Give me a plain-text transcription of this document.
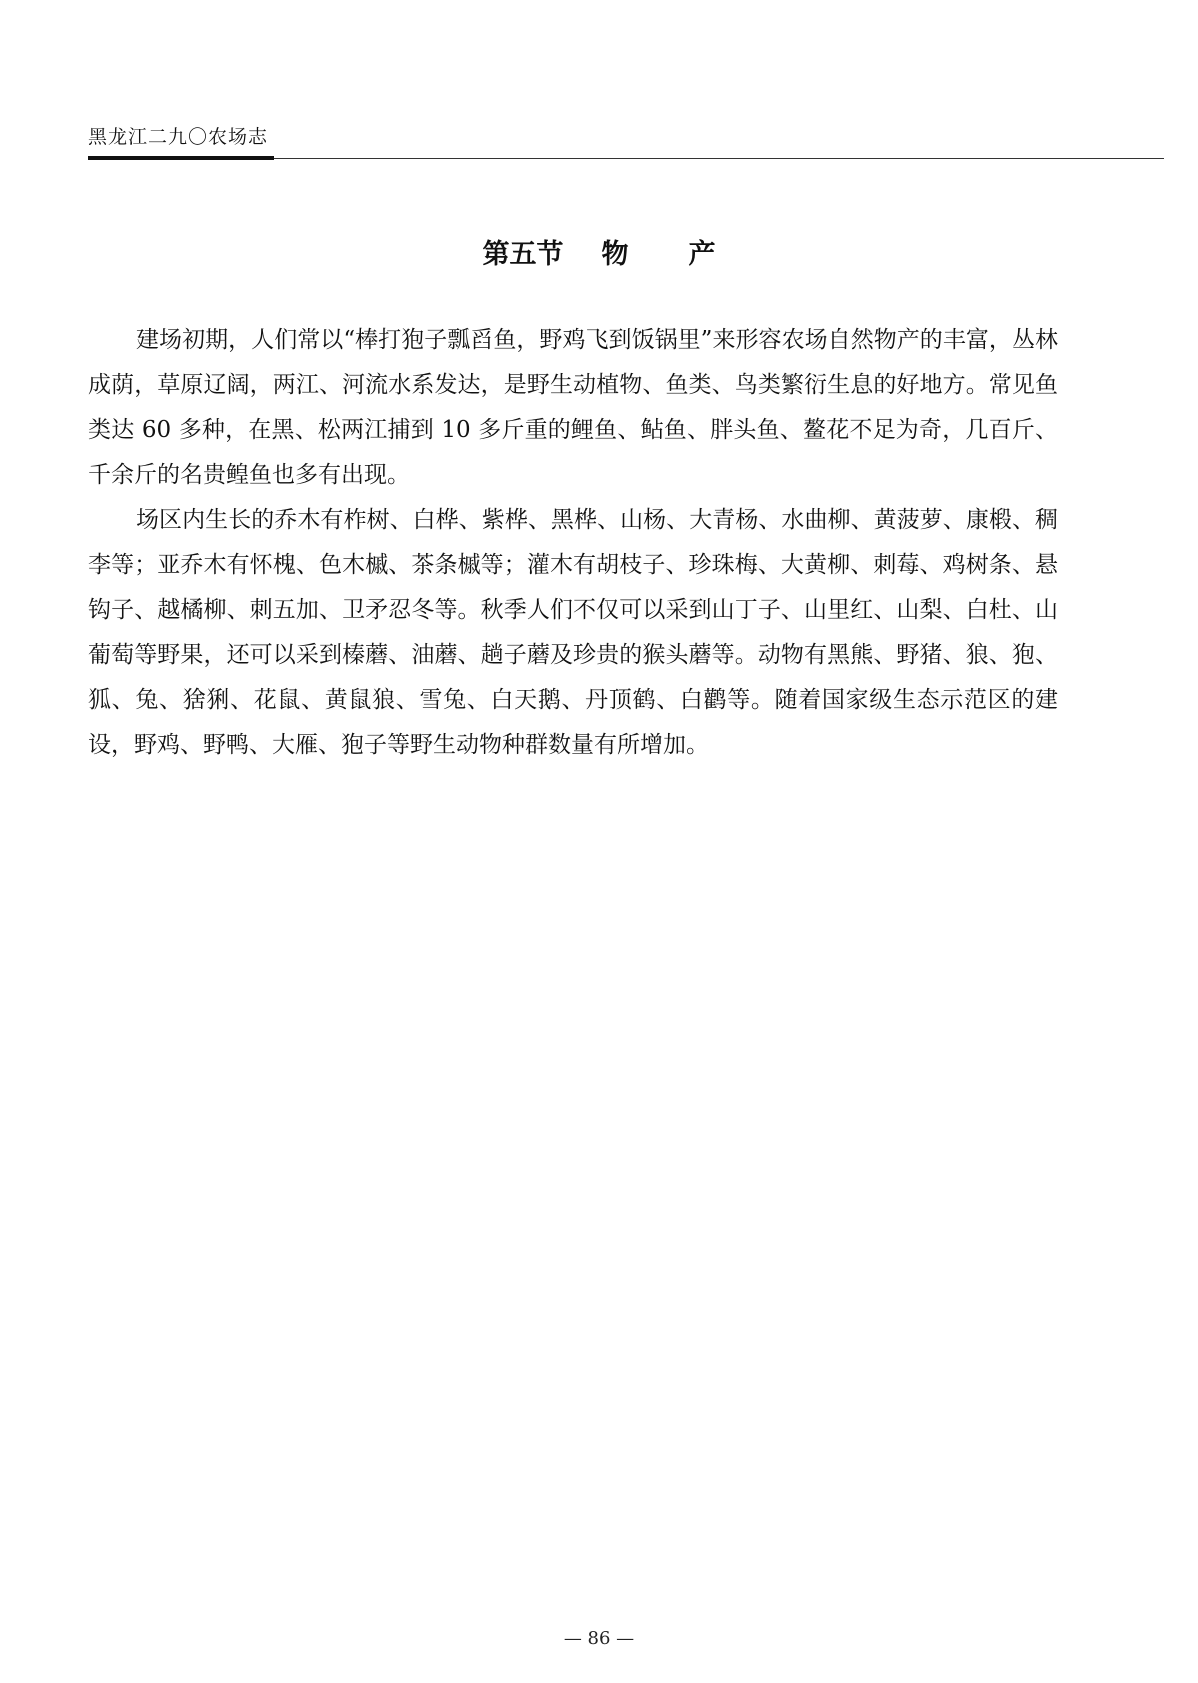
黑龙江二九〇农场志
第五节 物 产

建场初期，人们常以“棒打狍子瓢舀鱼，野鸡飞到饭锅里”来形容农场自然物产的丰富，丛林成荫，草原辽阔，两江、河流水系发达，是野生动植物、鱼类、鸟类繁衍生息的好地方。常见鱼类达 60 多种，在黑、松两江捕到 10 多斤重的鲤鱼、鲇鱼、胖头鱼、鳌花不足为奇，几百斤、千余斤的名贵鳇鱼也多有出现。

场区内生长的乔木有柞树、白桦、紫桦、黑桦、山杨、大青杨、水曲柳、黄菠萝、康椴、稠李等；亚乔木有怀槐、色木槭、茶条槭等；灌木有胡枝子、珍珠梅、大黄柳、刺莓、鸡树条、悬钩子、越橘柳、刺五加、卫矛忍冬等。秋季人们不仅可以采到山丁子、山里红、山梨、白杜、山葡萄等野果，还可以采到榛蘑、油蘑、趟子蘑及珍贵的猴头蘑等。动物有黑熊、野猪、狼、狍、狐、兔、猞猁、花鼠、黄鼠狼、雪兔、白天鹅、丹顶鹤、白鹳等。随着国家级生态示范区的建设，野鸡、野鸭、大雁、狍子等野生动物种群数量有所增加。

— 86 —
